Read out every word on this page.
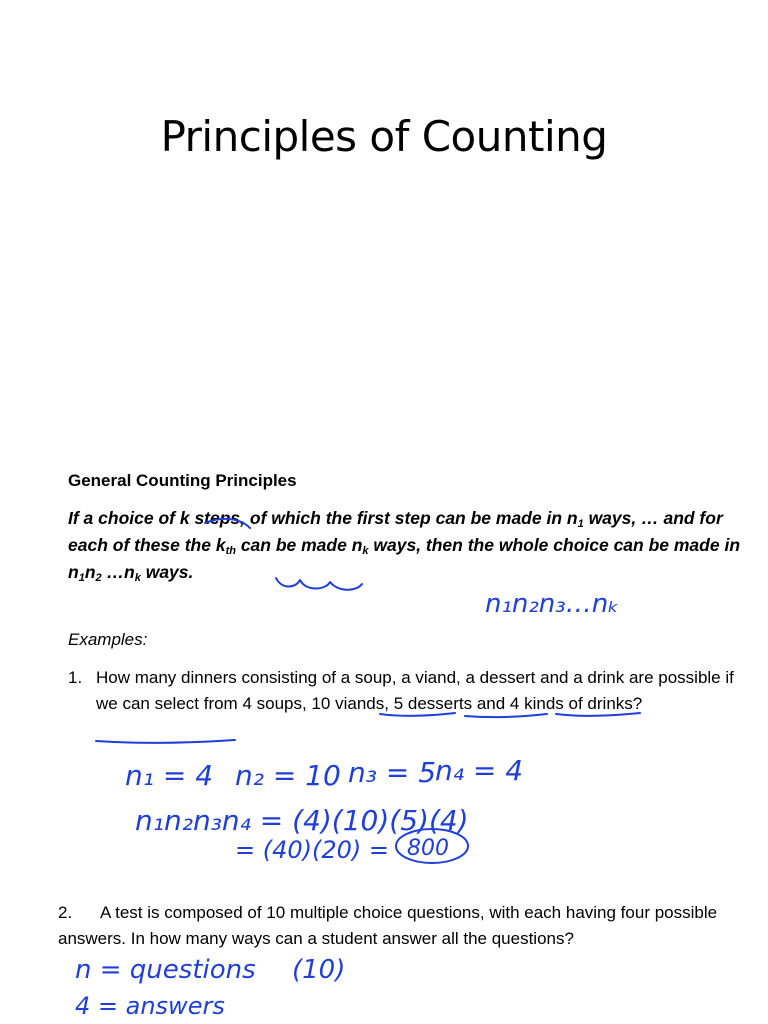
Principles of Counting
General Counting Principles
If a choice of k steps, of which the first step can be made in $n_1$ ways, … and for each of these the $k_{th}$ can be made $n_k$ ways, then the whole choice can be made in $n_1n_2$ $\dots n_k$ ways.
Examples:
1. How many dinners consisting of a soup, a viand, a dessert and a drink are possible if we can select from 4 soups, 10 viands, 5 desserts and 4 kinds of drinks?
2. A test is composed of 10 multiple choice questions, with each having four possible answers. In how many ways can a student answer all the questions?
n₁n₂n₃…nₖ
n₁ = 4 n₂ = 10 n₃ = 5
n₄ = 4
n₁n₂n₃n₄ = (4)(10)(5)(4)
= (40)(20) = 800
n = questions (10)
4 = answers
